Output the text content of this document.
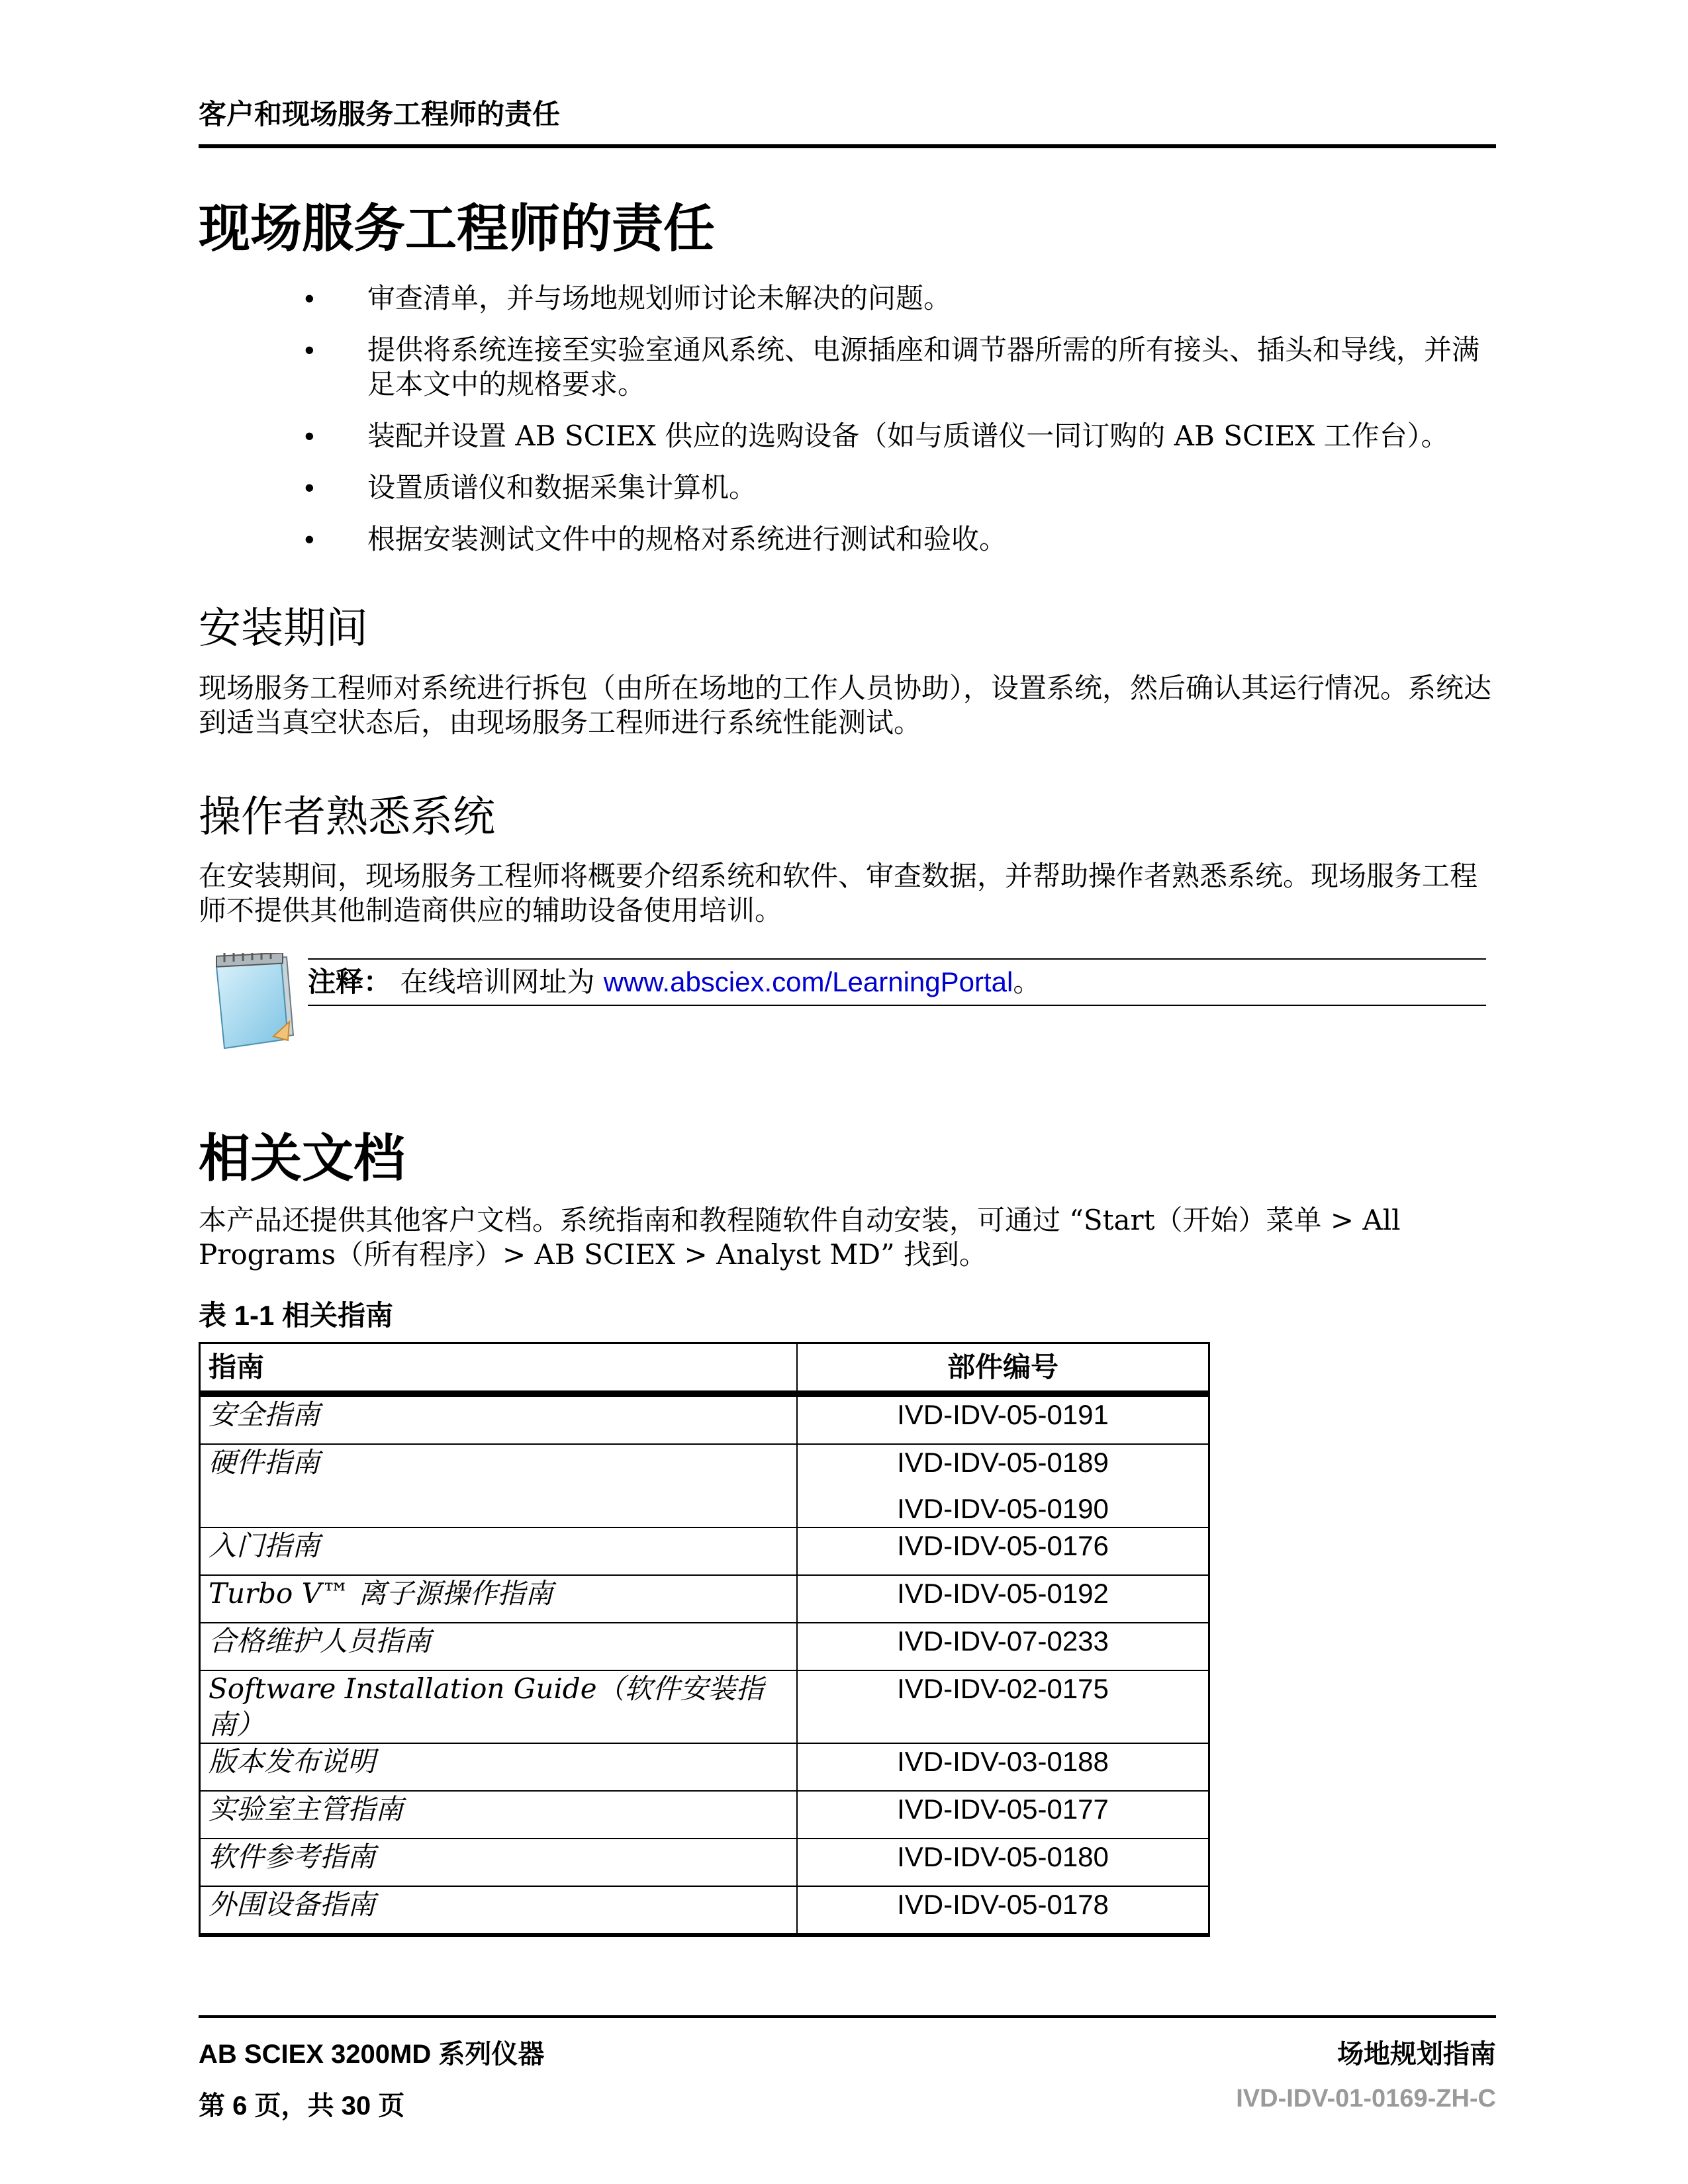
客户和现场服务工程师的责任
现场服务工程师的责任
• 审查清单，并与场地规划师讨论未解决的问题。
• 提供将系统连接至实验室通风系统、电源插座和调节器所需的所有接头、插头和导线，并满足本文中的规格要求。
• 装配并设置 AB SCIEX 供应的选购设备（如与质谱仪一同订购的 AB SCIEX 工作台）。
• 设置质谱仪和数据采集计算机。
• 根据安装测试文件中的规格对系统进行测试和验收。
安装期间
现场服务工程师对系统进行拆包（由所在场地的工作人员协助），设置系统，然后确认其运行情况。系统达到适当真空状态后，由现场服务工程师进行系统性能测试。
操作者熟悉系统
在安装期间，现场服务工程师将概要介绍系统和软件、审查数据，并帮助操作者熟悉系统。现场服务工程师不提供其他制造商供应的辅助设备使用培训。
注释： 在线培训网址为 www.absciex.com/LearningPortal。
相关文档
本产品还提供其他客户文档。系统指南和教程随软件自动安装，可通过 “Start（开始）菜单 > All Programs（所有程序）> AB SCIEX > Analyst MD” 找到。
表 1-1 相关指南
指南	部件编号
安全指南	IVD-IDV-05-0191

硬件指南	IVD-IDV-05-0189
IVD-IDV-05-0190

入门指南	IVD-IDV-05-0176

Turbo V™ 离子源操作指南	IVD-IDV-05-0192

合格维护人员指南	IVD-IDV-07-0233

Software Installation Guide（软件安装指南）	IVD-IDV-02-0175

版本发布说明	IVD-IDV-03-0188

实验室主管指南	IVD-IDV-05-0177

软件参考指南	IVD-IDV-05-0180

外围设备指南	IVD-IDV-05-0178
AB SCIEX 3200MD 系列仪器	场地规划指南
第 6 页，共 30 页	IVD-IDV-01-0169-ZH-C
